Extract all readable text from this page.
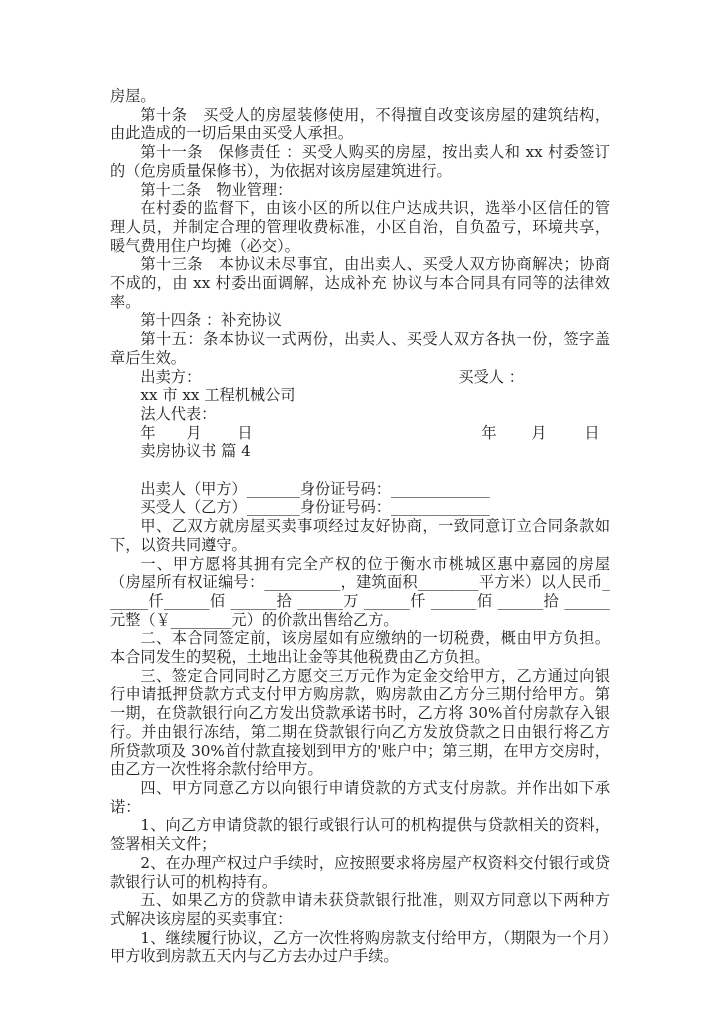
房屋。

第十条　买受人的房屋装修使用，不得擅自改变该房屋的建筑结构，由此造成的一切后果由买受人承担。

第十一条　保修责任 ：买受人购买的房屋，按出卖人和 xx 村委签订的（危房质量保修书），为依据对该房屋建筑进行。

第十二条　物业管理：

在村委的监督下，由该小区的所以住户达成共识，选举小区信任的管理人员，并制定合理的管理收费标准，小区自治，自负盈亏，环境共享，暖气费用住户均摊（必交）。

第十三条　本协议未尽事宜，由出卖人、买受人双方协商解决；协商不成的，由 xx 村委出面调解，达成补充 协议与本合同具有同等的法律效率。

第十四条 ：补充协议

第十五：条本协议一式两份，出卖人、买受人双方各执一份，签字盖章后生效。

出卖方：	买受人 ：
xx 市 xx 工程机械公司
法人代表：
年	月	日	年	月	日

卖房协议书 篇 4

出卖人（甲方）_______身份证号码：_____________

买受人（乙方）_______身份证号码：_____________

甲、乙双方就房屋买卖事项经过友好协商，一致同意订立合同条款如下，以资共同遵守。

一、甲方愿将其拥有完全产权的位于衡水市桃城区惠中嘉园的房屋（房屋所有权证编号：__________，建筑面积________平方米）以人民币______仟______佰 ______拾 ______万 ______仟 ______佰 ______拾 ______元整（￥________元）的价款出售给乙方。

二、本合同签定前，该房屋如有应缴纳的一切税费，概由甲方负担。本合同发生的契税，土地出让金等其他税费由乙方负担。

三、签定合同同时乙方愿交三万元作为定金交给甲方，乙方通过向银行申请抵押贷款方式支付甲方购房款，购房款由乙方分三期付给甲方。第一期，在贷款银行向乙方发出贷款承诺书时，乙方将 30%首付房款存入银行。并由银行冻结，第二期在贷款银行向乙方发放贷款之日由银行将乙方所贷款项及 30%首付款直接划到甲方的'账户中；第三期，在甲方交房时，由乙方一次性将余款付给甲方。

四、甲方同意乙方以向银行申请贷款的方式支付房款。并作出如下承诺：

1、向乙方申请贷款的银行或银行认可的机构提供与贷款相关的资料，签署相关文件；

2、在办理产权过户手续时，应按照要求将房屋产权资料交付银行或贷款银行认可的机构持有。

五、如果乙方的贷款申请未获贷款银行批准，则双方同意以下两种方式解决该房屋的买卖事宜：

1、继续履行协议，乙方一次性将购房款支付给甲方，（期限为一个月）甲方收到房款五天内与乙方去办过户手续。
